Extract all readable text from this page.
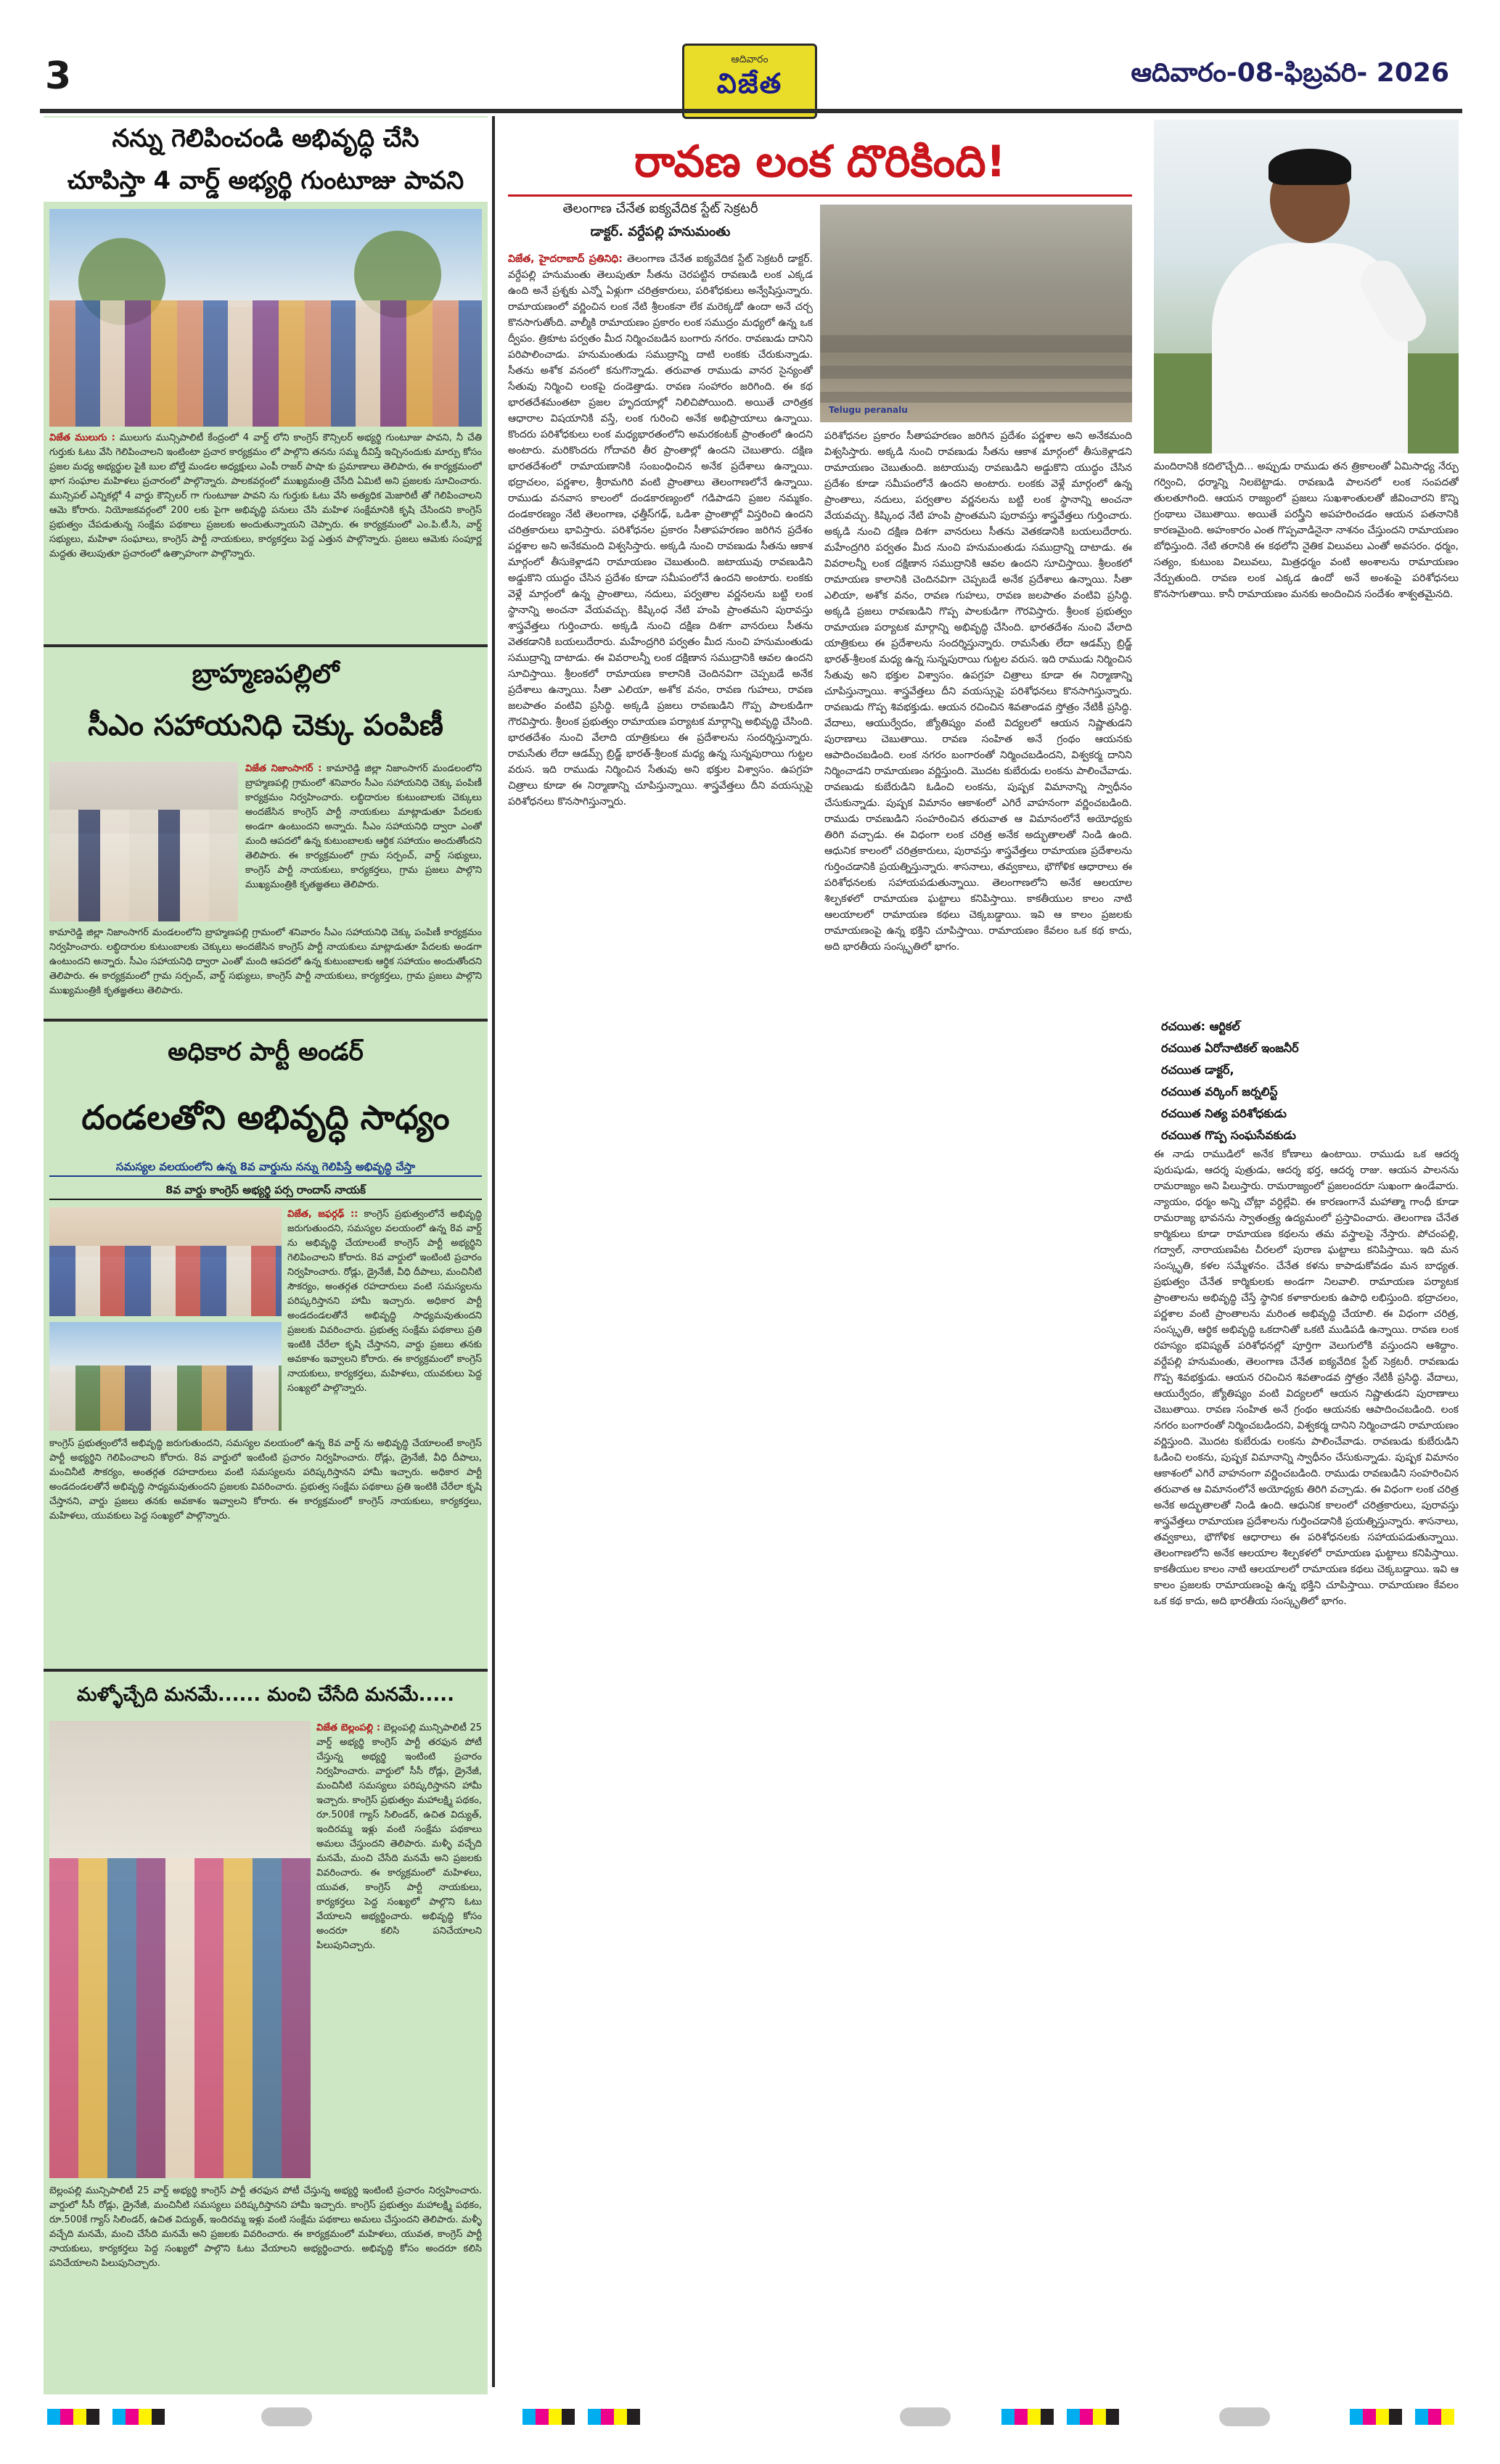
3	ఆదివారం
విజేత	ఆదివారం-08-ఫిబ్రవరి- 2026
నన్ను గెలిపించండి అభివృద్ధి చేసి
చూపిస్తా 4 వార్డ్ అభ్యర్థి గుంటూజు పావని
విజేత ములుగు : ములుగు మున్సిపాలిటీ కేంద్రంలో 4 వార్డ్ లోని కాంగ్రెస్ కౌన్సిలర్ అభ్యర్థి గుంటూజు పావని, నీ చేతి గుర్తుకు ఓటు వేసి గెలిపించాలని ఇంటింటా ప్రచార కార్యక్రమం లో పాల్గొని తనను సమ్మ దీవిస్తే ఇచ్చినందుకు మార్పు కోసం ప్రజల మధ్య అభ్యర్థుల పైకి బుల బోల్తే మండల అధ్యక్షులు ఎంపీ రాజర్ పాషా కు ప్రమాణాలు తెలిపారు, ఈ కార్యక్రమంలో భాగ సంఘాల మహిళలు ప్రచారంలో పాల్గొన్నారు. పాలకవర్గంలో ముఖ్యమంత్రి చేసేది ఏమిటి అని ప్రజలకు సూచించారు. మున్సిపల్ ఎన్నికల్లో 4 వార్డు కౌన్సిలర్ గా గుంటూజు పావని ను గుర్తుకు ఓటు వేసి అత్యధిక మెజారిటీ తో గెలిపించాలని ఆమె కోరారు. నియోజకవర్గంలో 200 లకు పైగా అభివృద్ధి పనులు చేసి మహిళ సంక్షేమానికి కృషి చేసిందని కాంగ్రెస్ ప్రభుత్వం చేపడుతున్న సంక్షేమ పథకాలు ప్రజలకు అందుతున్నాయని చెప్పారు. ఈ కార్యక్రమంలో ఎం.పి.టీ.సి, వార్డ్ సభ్యులు, మహిళా సంఘాలు, కాంగ్రెస్ పార్టీ నాయకులు, కార్యకర్తలు పెద్ద ఎత్తున పాల్గొన్నారు. ప్రజలు ఆమెకు సంపూర్ణ మద్దతు తెలుపుతూ ప్రచారంలో ఉత్సాహంగా పాల్గొన్నారు.
బ్రాహ్మణపల్లిలో
సీఎం సహాయనిధి చెక్కు పంపిణీ
విజేత నిజాంసాగర్ : కామారెడ్డి జిల్లా నిజాంసాగర్ మండలంలోని బ్రాహ్మణపల్లి గ్రామంలో శనివారం సీఎం సహాయనిధి చెక్కు పంపిణీ కార్యక్రమం నిర్వహించారు. లబ్ధిదారుల కుటుంబాలకు చెక్కులు అందజేసిన కాంగ్రెస్ పార్టీ నాయకులు మాట్లాడుతూ పేదలకు అండగా ఉంటుందని అన్నారు. సీఎం సహాయనిధి ద్వారా ఎంతో మంది ఆపదలో ఉన్న కుటుంబాలకు ఆర్థిక సహాయం అందుతోందని తెలిపారు. ఈ కార్యక్రమంలో గ్రామ సర్పంచ్, వార్డ్ సభ్యులు, కాంగ్రెస్ పార్టీ నాయకులు, కార్యకర్తలు, గ్రామ ప్రజలు పాల్గొని ముఖ్యమంత్రికి కృతజ్ఞతలు తెలిపారు.
కామారెడ్డి జిల్లా నిజాంసాగర్ మండలంలోని బ్రాహ్మణపల్లి గ్రామంలో శనివారం సీఎం సహాయనిధి చెక్కు పంపిణీ కార్యక్రమం నిర్వహించారు. లబ్ధిదారుల కుటుంబాలకు చెక్కులు అందజేసిన కాంగ్రెస్ పార్టీ నాయకులు మాట్లాడుతూ పేదలకు అండగా ఉంటుందని అన్నారు. సీఎం సహాయనిధి ద్వారా ఎంతో మంది ఆపదలో ఉన్న కుటుంబాలకు ఆర్థిక సహాయం అందుతోందని తెలిపారు. ఈ కార్యక్రమంలో గ్రామ సర్పంచ్, వార్డ్ సభ్యులు, కాంగ్రెస్ పార్టీ నాయకులు, కార్యకర్తలు, గ్రామ ప్రజలు పాల్గొని ముఖ్యమంత్రికి కృతజ్ఞతలు తెలిపారు.
అధికార పార్టీ అండర్
దండలతోని అభివృద్ధి సాధ్యం
సమస్యల వలయంలోని ఉన్న 8వ వార్డును నన్ను గెలిపిస్తే అభివృద్ధి చేస్తా
8వ వార్డు కాంగ్రెస్ అభ్యర్థి పర్స రాందాస్ నాయక్
విజేత, జఫర్గఢ్ :: కాంగ్రెస్ ప్రభుత్వంలోనే అభివృద్ధి జరుగుతుందని, సమస్యల వలయంలో ఉన్న 8వ వార్డ్ ను అభివృద్ధి చేయాలంటే కాంగ్రెస్ పార్టీ అభ్యర్థిని గెలిపించాలని కోరారు. 8వ వార్డులో ఇంటింటి ప్రచారం నిర్వహించారు. రోడ్లు, డ్రైనేజీ, వీధి దీపాలు, మంచినీటి సౌకర్యం, అంతర్గత రహదారులు వంటి సమస్యలను పరిష్కరిస్తానని హామీ ఇచ్చారు. అధికార పార్టీ అండదండలతోనే అభివృద్ధి సాధ్యమవుతుందని ప్రజలకు వివరించారు. ప్రభుత్వ సంక్షేమ పథకాలు ప్రతి ఇంటికి చేరేలా కృషి చేస్తానని, వార్డు ప్రజలు తనకు అవకాశం ఇవ్వాలని కోరారు. ఈ కార్యక్రమంలో కాంగ్రెస్ నాయకులు, కార్యకర్తలు, మహిళలు, యువకులు పెద్ద సంఖ్యలో పాల్గొన్నారు.
కాంగ్రెస్ ప్రభుత్వంలోనే అభివృద్ధి జరుగుతుందని, సమస్యల వలయంలో ఉన్న 8వ వార్డ్ ను అభివృద్ధి చేయాలంటే కాంగ్రెస్ పార్టీ అభ్యర్థిని గెలిపించాలని కోరారు. 8వ వార్డులో ఇంటింటి ప్రచారం నిర్వహించారు. రోడ్లు, డ్రైనేజీ, వీధి దీపాలు, మంచినీటి సౌకర్యం, అంతర్గత రహదారులు వంటి సమస్యలను పరిష్కరిస్తానని హామీ ఇచ్చారు. అధికార పార్టీ అండదండలతోనే అభివృద్ధి సాధ్యమవుతుందని ప్రజలకు వివరించారు. ప్రభుత్వ సంక్షేమ పథకాలు ప్రతి ఇంటికి చేరేలా కృషి చేస్తానని, వార్డు ప్రజలు తనకు అవకాశం ఇవ్వాలని కోరారు. ఈ కార్యక్రమంలో కాంగ్రెస్ నాయకులు, కార్యకర్తలు, మహిళలు, యువకులు పెద్ద సంఖ్యలో పాల్గొన్నారు.
మళ్ళోచ్చేది మనమే...... మంచి చేసేది మనమే.....
విజేత బెల్లంపల్లి : బెల్లంపల్లి మున్సిపాలిటీ 25 వార్డ్ అభ్యర్థి కాంగ్రెస్ పార్టీ తరఫున పోటీ చేస్తున్న అభ్యర్థి ఇంటింటి ప్రచారం నిర్వహించారు. వార్డులో సీసీ రోడ్లు, డ్రైనేజీ, మంచినీటి సమస్యలు పరిష్కరిస్తానని హామీ ఇచ్చారు. కాంగ్రెస్ ప్రభుత్వం మహాలక్ష్మి పథకం, రూ.500కే గ్యాస్ సిలిండర్, ఉచిత విద్యుత్, ఇందిరమ్మ ఇళ్లు వంటి సంక్షేమ పథకాలు అమలు చేస్తుందని తెలిపారు. మళ్ళీ వచ్చేది మనమే, మంచి చేసేది మనమే అని ప్రజలకు వివరించారు. ఈ కార్యక్రమంలో మహిళలు, యువత, కాంగ్రెస్ పార్టీ నాయకులు, కార్యకర్తలు పెద్ద సంఖ్యలో పాల్గొని ఓటు వేయాలని అభ్యర్థించారు. అభివృద్ధి కోసం అందరూ కలిసి పనిచేయాలని పిలుపునిచ్చారు.
బెల్లంపల్లి మున్సిపాలిటీ 25 వార్డ్ అభ్యర్థి కాంగ్రెస్ పార్టీ తరఫున పోటీ చేస్తున్న అభ్యర్థి ఇంటింటి ప్రచారం నిర్వహించారు. వార్డులో సీసీ రోడ్లు, డ్రైనేజీ, మంచినీటి సమస్యలు పరిష్కరిస్తానని హామీ ఇచ్చారు. కాంగ్రెస్ ప్రభుత్వం మహాలక్ష్మి పథకం, రూ.500కే గ్యాస్ సిలిండర్, ఉచిత విద్యుత్, ఇందిరమ్మ ఇళ్లు వంటి సంక్షేమ పథకాలు అమలు చేస్తుందని తెలిపారు. మళ్ళీ వచ్చేది మనమే, మంచి చేసేది మనమే అని ప్రజలకు వివరించారు. ఈ కార్యక్రమంలో మహిళలు, యువత, కాంగ్రెస్ పార్టీ నాయకులు, కార్యకర్తలు పెద్ద సంఖ్యలో పాల్గొని ఓటు వేయాలని అభ్యర్థించారు. అభివృద్ధి కోసం అందరూ కలిసి పనిచేయాలని పిలుపునిచ్చారు.
రావణ లంక దొరికింది!
తెలంగాణ చేనేత ఐక్యవేదిక స్టేట్ సెక్రటరీ
డాక్టర్. వర్దేపల్లి హనుమంతు
Telugu peranalu
విజేత, హైదరాబాద్ ప్రతినిధి: తెలంగాణ చేనేత ఐక్యవేదిక స్టేట్ సెక్రటరీ డాక్టర్. వర్దేపల్లి హనుమంతు తెలుపుతూ సీతను చెరపట్టిన రావణుడి లంక ఎక్కడ ఉంది అనే ప్రశ్నకు ఎన్నో ఏళ్లుగా చరిత్రకారులు, పరిశోధకులు అన్వేషిస్తున్నారు. రామాయణంలో వర్ణించిన లంక నేటి శ్రీలంకనా లేక మరెక్కడో ఉందా అనే చర్చ కొనసాగుతోంది. వాల్మీకి రామాయణం ప్రకారం లంక సముద్రం మధ్యలో ఉన్న ఒక ద్వీపం. త్రికూట పర్వతం మీద నిర్మించబడిన బంగారు నగరం. రావణుడు దానిని పరిపాలించాడు. హనుమంతుడు సముద్రాన్ని దాటి లంకకు చేరుకున్నాడు. సీతను అశోక వనంలో కనుగొన్నాడు. తరువాత రాముడు వానర సైన్యంతో సేతువు నిర్మించి లంకపై దండెత్తాడు. రావణ సంహారం జరిగింది. ఈ కథ భారతదేశమంతటా ప్రజల హృదయాల్లో నిలిచిపోయింది. అయితే చారిత్రక ఆధారాల విషయానికి వస్తే, లంక గురించి అనేక అభిప్రాయాలు ఉన్నాయి. కొందరు పరిశోధకులు లంక మధ్యభారతంలోని అమరకంటక్ ప్రాంతంలో ఉందని అంటారు. మరికొందరు గోదావరి తీర ప్రాంతాల్లో ఉందని చెబుతారు. దక్షిణ భారతదేశంలో రామాయణానికి సంబంధించిన అనేక ప్రదేశాలు ఉన్నాయి. భద్రాచలం, పర్ణశాల, శ్రీరామగిరి వంటి ప్రాంతాలు తెలంగాణలోనే ఉన్నాయి. రాముడు వనవాస కాలంలో దండకారణ్యంలో గడిపాడని ప్రజల నమ్మకం. దండకారణ్యం నేటి తెలంగాణ, ఛత్తీస్‌గఢ్, ఒడిశా ప్రాంతాల్లో విస్తరించి ఉందని చరిత్రకారులు భావిస్తారు. పరిశోధనల ప్రకారం సీతాపహరణం జరిగిన ప్రదేశం పర్ణశాల అని అనేకమంది విశ్వసిస్తారు. అక్కడి నుంచి రావణుడు సీతను ఆకాశ మార్గంలో తీసుకెళ్లాడని రామాయణం చెబుతుంది. జటాయువు రావణుడిని అడ్డుకొని యుద్ధం చేసిన ప్రదేశం కూడా సమీపంలోనే ఉందని అంటారు. లంకకు వెళ్లే మార్గంలో ఉన్న ప్రాంతాలు, నదులు, పర్వతాల వర్ణనలను బట్టి లంక స్థానాన్ని అంచనా వేయవచ్చు. కిష్కింధ నేటి హంపి ప్రాంతమని పురావస్తు శాస్త్రవేత్తలు గుర్తించారు. అక్కడి నుంచి దక్షిణ దిశగా వానరులు సీతను వెతకడానికి బయలుదేరారు. మహేంద్రగిరి పర్వతం మీద నుంచి హనుమంతుడు సముద్రాన్ని దాటాడు. ఈ వివరాలన్నీ లంక దక్షిణాన సముద్రానికి ఆవల ఉందని సూచిస్తాయి. శ్రీలంకలో రామాయణ కాలానికి చెందినవిగా చెప్పబడే అనేక ప్రదేశాలు ఉన్నాయి. సీతా ఎలియా, అశోక వనం, రావణ గుహలు, రావణ జలపాతం వంటివి ప్రసిద్ధి. అక్కడి ప్రజలు రావణుడిని గొప్ప పాలకుడిగా గౌరవిస్తారు. శ్రీలంక ప్రభుత్వం రామాయణ పర్యాటక మార్గాన్ని అభివృద్ధి చేసింది. భారతదేశం నుంచి వేలాది యాత్రికులు ఈ ప్రదేశాలను సందర్శిస్తున్నారు. రామసేతు లేదా ఆడమ్స్ బ్రిడ్జ్ భారత్‌-శ్రీలంక మధ్య ఉన్న సున్నపురాయి గుట్టల వరుస. ఇది రాముడు నిర్మించిన సేతువు అని భక్తుల విశ్వాసం. ఉపగ్రహ చిత్రాలు కూడా ఈ నిర్మాణాన్ని చూపిస్తున్నాయి. శాస్త్రవేత్తలు దీని వయస్సుపై పరిశోధనలు కొనసాగిస్తున్నారు.
పరిశోధనల ప్రకారం సీతాపహరణం జరిగిన ప్రదేశం పర్ణశాల అని అనేకమంది విశ్వసిస్తారు. అక్కడి నుంచి రావణుడు సీతను ఆకాశ మార్గంలో తీసుకెళ్లాడని రామాయణం చెబుతుంది. జటాయువు రావణుడిని అడ్డుకొని యుద్ధం చేసిన ప్రదేశం కూడా సమీపంలోనే ఉందని అంటారు. లంకకు వెళ్లే మార్గంలో ఉన్న ప్రాంతాలు, నదులు, పర్వతాల వర్ణనలను బట్టి లంక స్థానాన్ని అంచనా వేయవచ్చు. కిష్కింధ నేటి హంపి ప్రాంతమని పురావస్తు శాస్త్రవేత్తలు గుర్తించారు. అక్కడి నుంచి దక్షిణ దిశగా వానరులు సీతను వెతకడానికి బయలుదేరారు. మహేంద్రగిరి పర్వతం మీద నుంచి హనుమంతుడు సముద్రాన్ని దాటాడు. ఈ వివరాలన్నీ లంక దక్షిణాన సముద్రానికి ఆవల ఉందని సూచిస్తాయి. శ్రీలంకలో రామాయణ కాలానికి చెందినవిగా చెప్పబడే అనేక ప్రదేశాలు ఉన్నాయి. సీతా ఎలియా, అశోక వనం, రావణ గుహలు, రావణ జలపాతం వంటివి ప్రసిద్ధి. అక్కడి ప్రజలు రావణుడిని గొప్ప పాలకుడిగా గౌరవిస్తారు. శ్రీలంక ప్రభుత్వం రామాయణ పర్యాటక మార్గాన్ని అభివృద్ధి చేసింది. భారతదేశం నుంచి వేలాది యాత్రికులు ఈ ప్రదేశాలను సందర్శిస్తున్నారు. రామసేతు లేదా ఆడమ్స్ బ్రిడ్జ్ భారత్‌-శ్రీలంక మధ్య ఉన్న సున్నపురాయి గుట్టల వరుస. ఇది రాముడు నిర్మించిన సేతువు అని భక్తుల విశ్వాసం. ఉపగ్రహ చిత్రాలు కూడా ఈ నిర్మాణాన్ని చూపిస్తున్నాయి. శాస్త్రవేత్తలు దీని వయస్సుపై పరిశోధనలు కొనసాగిస్తున్నారు. రావణుడు గొప్ప శివభక్తుడు. ఆయన రచించిన శివతాండవ స్తోత్రం నేటికీ ప్రసిద్ధి. వేదాలు, ఆయుర్వేదం, జ్యోతిష్యం వంటి విద్యలలో ఆయన నిష్ణాతుడని పురాణాలు చెబుతాయి. రావణ సంహిత అనే గ్రంథం ఆయనకు ఆపాదించబడింది. లంక నగరం బంగారంతో నిర్మించబడిందని, విశ్వకర్మ దానిని నిర్మించాడని రామాయణం వర్ణిస్తుంది. మొదట కుబేరుడు లంకను పాలించేవాడు. రావణుడు కుబేరుడిని ఓడించి లంకను, పుష్పక విమానాన్ని స్వాధీనం చేసుకున్నాడు. పుష్పక విమానం ఆకాశంలో ఎగిరే వాహనంగా వర్ణించబడింది. రాముడు రావణుడిని సంహరించిన తరువాత ఆ విమానంలోనే అయోధ్యకు తిరిగి వచ్చాడు. ఈ విధంగా లంక చరిత్ర అనేక అద్భుతాలతో నిండి ఉంది. ఆధునిక కాలంలో చరిత్రకారులు, పురావస్తు శాస్త్రవేత్తలు రామాయణ ప్రదేశాలను గుర్తించడానికి ప్రయత్నిస్తున్నారు. శాసనాలు, తవ్వకాలు, భౌగోళిక ఆధారాలు ఈ పరిశోధనలకు సహాయపడుతున్నాయి. తెలంగాణలోని అనేక ఆలయాల శిల్పకళలో రామాయణ ఘట్టాలు కనిపిస్తాయి. కాకతీయుల కాలం నాటి ఆలయాలలో రామాయణ కథలు చెక్కబడ్డాయి. ఇవి ఆ కాలం ప్రజలకు రామాయణంపై ఉన్న భక్తిని చూపిస్తాయి. రామాయణం కేవలం ఒక కథ కాదు, అది భారతీయ సంస్కృతిలో భాగం.
మందిరానికి కదిలొచ్చేది... అప్పుడు రాముడు తన త్రికాలంతో ఏమిసాధ్య నేర్పు గర్వించి, ధర్మాన్ని నిలబెట్టాడు. రావణుడి పాలనలో లంక సంపదతో తులతూగింది. ఆయన రాజ్యంలో ప్రజలు సుఖశాంతులతో జీవించారని కొన్ని గ్రంథాలు చెబుతాయి. అయితే పరస్త్రీని అపహరించడం ఆయన పతనానికి కారణమైంది. అహంకారం ఎంత గొప్పవాడినైనా నాశనం చేస్తుందని రామాయణం బోధిస్తుంది. నేటి తరానికి ఈ కథలోని నైతిక విలువలు ఎంతో అవసరం. ధర్మం, సత్యం, కుటుంబ విలువలు, మిత్రధర్మం వంటి అంశాలను రామాయణం నేర్పుతుంది. రావణ లంక ఎక్కడ ఉందో అనే అంశంపై పరిశోధనలు కొనసాగుతాయి. కానీ రామాయణం మనకు అందించిన సందేశం శాశ్వతమైనది.
రచయిత: ఆర్టికల్
రచయిత ఏరోనాటికల్ ఇంజనీర్
రచయిత డాక్టర్,
రచయిత వర్కింగ్ జర్నలిస్ట్
రచయిత నిత్య పరిశోధకుడు
రచయిత గొప్ప సంఘసేవకుడు
ఈ నాడు రాముడిలో అనేక కోణాలు ఉంటాయి. రాముడు ఒక ఆదర్శ పురుషుడు, ఆదర్శ పుత్రుడు, ఆదర్శ భర్త, ఆదర్శ రాజు. ఆయన పాలనను రామరాజ్యం అని పిలుస్తారు. రామరాజ్యంలో ప్రజలందరూ సుఖంగా ఉండేవారు. న్యాయం, ధర్మం అన్ని చోట్లా వర్ధిల్లేవి. ఈ కారణంగానే మహాత్మా గాంధీ కూడా రామరాజ్య భావనను స్వాతంత్ర్య ఉద్యమంలో ప్రస్తావించారు. తెలంగాణ చేనేత కార్మికులు కూడా రామాయణ కథలను తమ వస్త్రాలపై నేస్తారు. పోచంపల్లి, గద్వాల్, నారాయణపేట చీరలలో పురాణ ఘట్టాలు కనిపిస్తాయి. ఇది మన సంస్కృతి, కళల సమ్మేళనం. చేనేత కళను కాపాడుకోవడం మన బాధ్యత. ప్రభుత్వం చేనేత కార్మికులకు అండగా నిలవాలి. రామాయణ పర్యాటక ప్రాంతాలను అభివృద్ధి చేస్తే స్థానిక కళాకారులకు ఉపాధి లభిస్తుంది. భద్రాచలం, పర్ణశాల వంటి ప్రాంతాలను మరింత అభివృద్ధి చేయాలి. ఈ విధంగా చరిత్ర, సంస్కృతి, ఆర్థిక అభివృద్ధి ఒకదానితో ఒకటి ముడిపడి ఉన్నాయి. రావణ లంక రహస్యం భవిష్యత్ పరిశోధనల్లో పూర్తిగా వెలుగులోకి వస్తుందని ఆశిద్దాం. వర్దేపల్లి హనుమంతు, తెలంగాణ చేనేత ఐక్యవేదిక స్టేట్ సెక్రటరీ. రావణుడు గొప్ప శివభక్తుడు. ఆయన రచించిన శివతాండవ స్తోత్రం నేటికీ ప్రసిద్ధి. వేదాలు, ఆయుర్వేదం, జ్యోతిష్యం వంటి విద్యలలో ఆయన నిష్ణాతుడని పురాణాలు చెబుతాయి. రావణ సంహిత అనే గ్రంథం ఆయనకు ఆపాదించబడింది. లంక నగరం బంగారంతో నిర్మించబడిందని, విశ్వకర్మ దానిని నిర్మించాడని రామాయణం వర్ణిస్తుంది. మొదట కుబేరుడు లంకను పాలించేవాడు. రావణుడు కుబేరుడిని ఓడించి లంకను, పుష్పక విమానాన్ని స్వాధీనం చేసుకున్నాడు. పుష్పక విమానం ఆకాశంలో ఎగిరే వాహనంగా వర్ణించబడింది. రాముడు రావణుడిని సంహరించిన తరువాత ఆ విమానంలోనే అయోధ్యకు తిరిగి వచ్చాడు. ఈ విధంగా లంక చరిత్ర అనేక అద్భుతాలతో నిండి ఉంది. ఆధునిక కాలంలో చరిత్రకారులు, పురావస్తు శాస్త్రవేత్తలు రామాయణ ప్రదేశాలను గుర్తించడానికి ప్రయత్నిస్తున్నారు. శాసనాలు, తవ్వకాలు, భౌగోళిక ఆధారాలు ఈ పరిశోధనలకు సహాయపడుతున్నాయి. తెలంగాణలోని అనేక ఆలయాల శిల్పకళలో రామాయణ ఘట్టాలు కనిపిస్తాయి. కాకతీయుల కాలం నాటి ఆలయాలలో రామాయణ కథలు చెక్కబడ్డాయి. ఇవి ఆ కాలం ప్రజలకు రామాయణంపై ఉన్న భక్తిని చూపిస్తాయి. రామాయణం కేవలం ఒక కథ కాదు, అది భారతీయ సంస్కృతిలో భాగం.
